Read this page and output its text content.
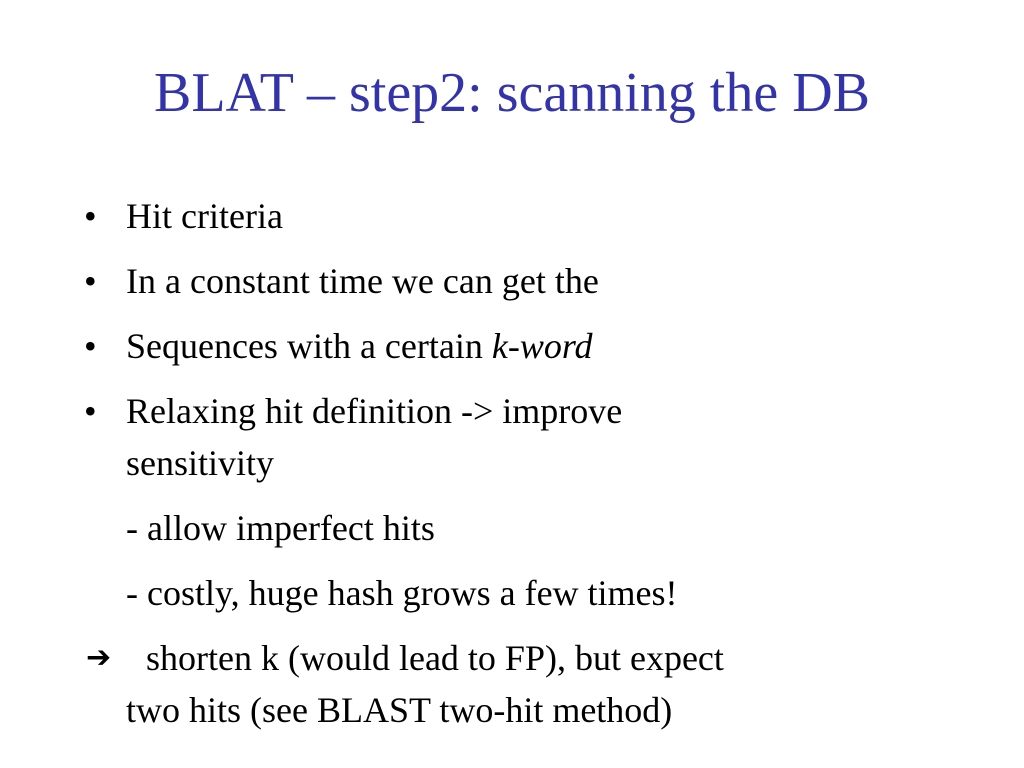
BLAT – step2: scanning the DB
• Hit criteria
• In a constant time we can get the
• Sequences with a certain k-word
• Relaxing hit definition -> improve
sensitivity
- allow imperfect hits
- costly, huge hash grows a few times!
➔ shorten k (would lead to FP), but expect
two hits (see BLAST two-hit method)
